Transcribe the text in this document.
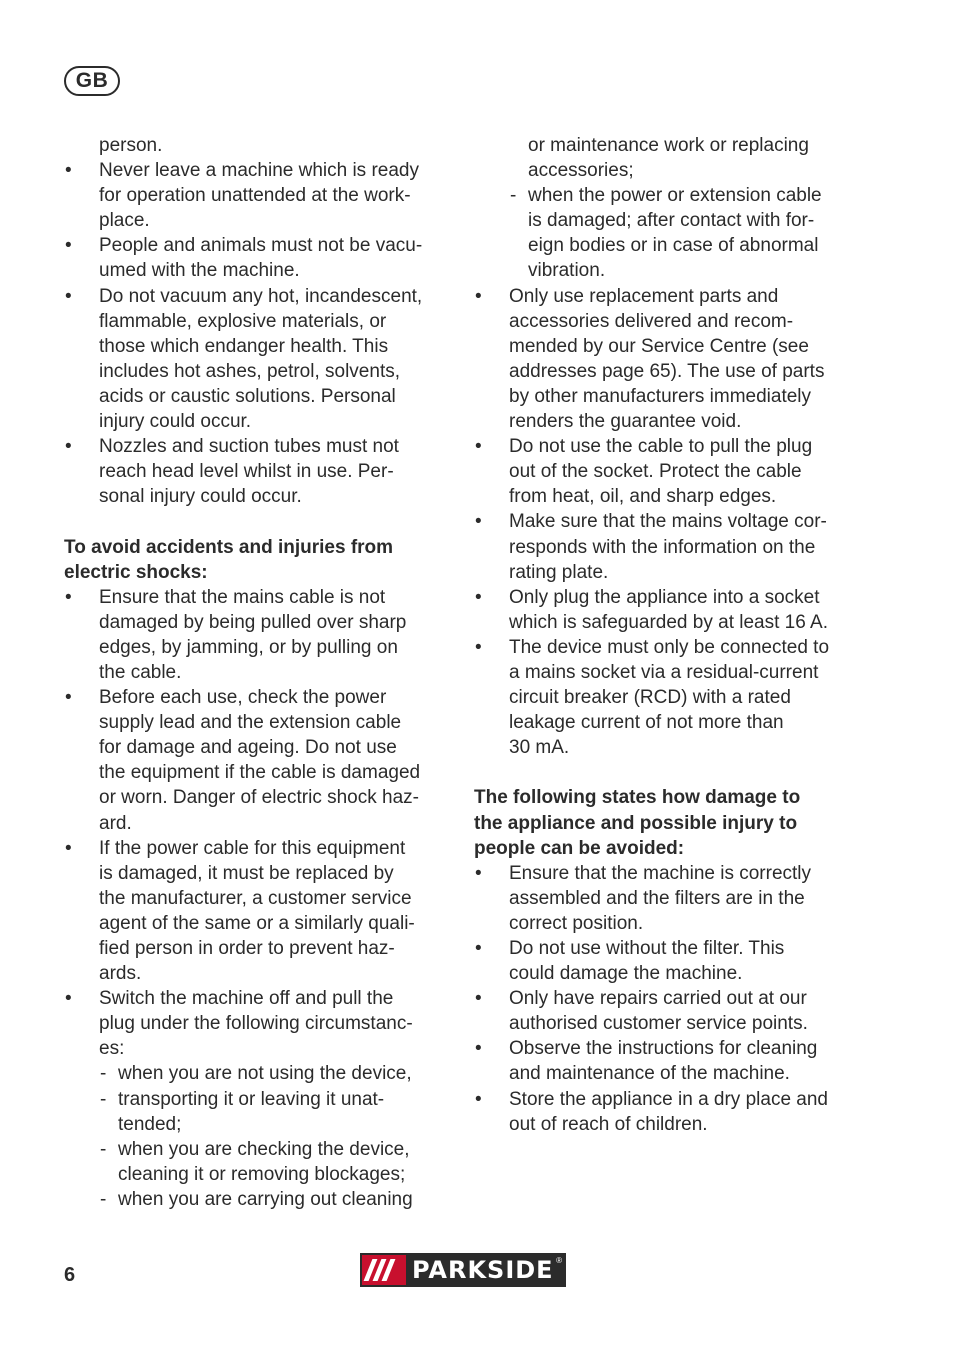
GB
person.
• Never leave a machine which is ready
for operation unattended at the work-
place.
• People and animals must not be vacu-
umed with the machine.
• Do not vacuum any hot, incandescent,
flammable, explosive materials, or
those which endanger health. This
includes hot ashes, petrol, solvents,
acids or caustic solutions. Personal
injury could occur.
• Nozzles and suction tubes must not
reach head level whilst in use. Per-
sonal injury could occur.
To avoid accidents and injuries from
electric shocks:
• Ensure that the mains cable is not
damaged by being pulled over sharp
edges, by jamming, or by pulling on
the cable.
• Before each use, check the power
supply lead and the extension cable
for damage and ageing. Do not use
the equipment if the cable is damaged
or worn. Danger of electric shock haz-
ard.
• If the power cable for this equipment
is damaged, it must be replaced by
the manufacturer, a customer service
agent of the same or a similarly quali-
fied person in order to prevent haz-
ards.
• Switch the machine off and pull the
plug under the following circumstanc-
es:
- when you are not using the device,
- transporting it or leaving it unat-
tended;
- when you are checking the device,
cleaning it or removing blockages;
- when you are carrying out cleaning
or maintenance work or replacing
accessories;
- when the power or extension cable
is damaged; after contact with for-
eign bodies or in case of abnormal
vibration.
• Only use replacement parts and
accessories delivered and recom-
mended by our Service Centre (see
addresses page 65). The use of parts
by other manufacturers immediately
renders the guarantee void.
• Do not use the cable to pull the plug
out of the socket. Protect the cable
from heat, oil, and sharp edges.
• Make sure that the mains voltage cor-
responds with the information on the
rating plate.
• Only plug the appliance into a socket
which is safeguarded by at least 16 A.
• The device must only be connected to
a mains socket via a residual-current
circuit breaker (RCD) with a rated
leakage current of not more than
30 mA.
The following states how damage to
the appliance and possible injury to
people can be avoided:
• Ensure that the machine is correctly
assembled and the filters are in the
correct position.
• Do not use without the filter. This
could damage the machine.
• Only have repairs carried out at our
authorised customer service points.
• Observe the instructions for cleaning
and maintenance of the machine.
• Store the appliance in a dry place and
out of reach of children.
6	PARKSIDE ®
